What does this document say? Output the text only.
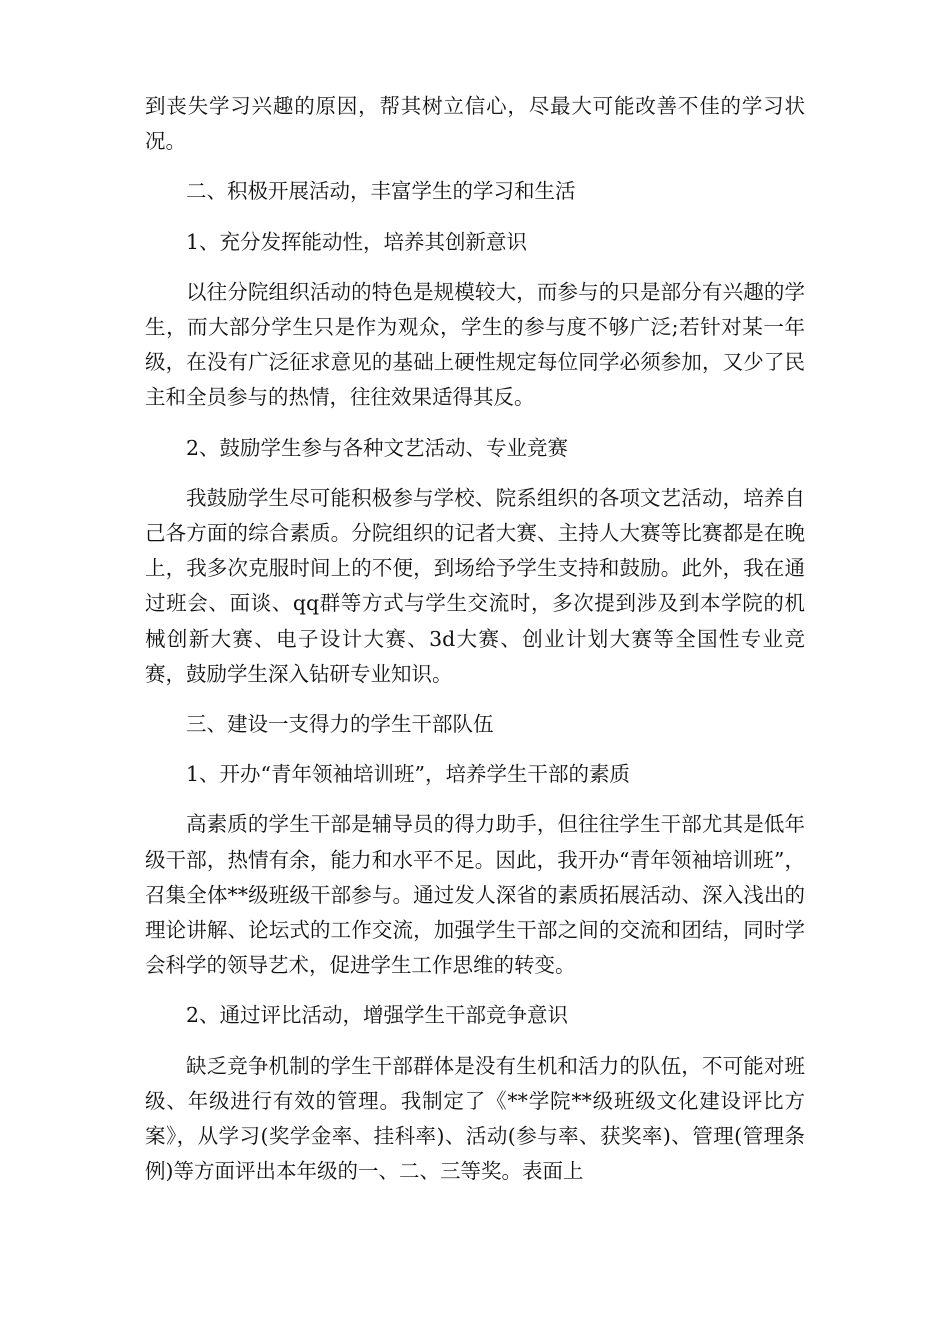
到丧失学习兴趣的原因，帮其树立信心，尽最大可能改善不佳的学习状况。

二、积极开展活动，丰富学生的学习和生活

1、充分发挥能动性，培养其创新意识

以往分院组织活动的特色是规模较大，而参与的只是部分有兴趣的学生，而大部分学生只是作为观众，学生的参与度不够广泛;若针对某一年级，在没有广泛征求意见的基础上硬性规定每位同学必须参加，又少了民主和全员参与的热情，往往效果适得其反。

2、鼓励学生参与各种文艺活动、专业竞赛

我鼓励学生尽可能积极参与学校、院系组织的各项文艺活动，培养自己各方面的综合素质。分院组织的记者大赛、主持人大赛等比赛都是在晚上，我多次克服时间上的不便，到场给予学生支持和鼓励。此外，我在通过班会、面谈、qq群等方式与学生交流时，多次提到涉及到本学院的机械创新大赛、电子设计大赛、3d大赛、创业计划大赛等全国性专业竞赛，鼓励学生深入钻研专业知识。

三、建设一支得力的学生干部队伍

1、开办“青年领袖培训班”，培养学生干部的素质

高素质的学生干部是辅导员的得力助手，但往往学生干部尤其是低年级干部，热情有余，能力和水平不足。因此，我开办“青年领袖培训班”，召集全体**级班级干部参与。通过发人深省的素质拓展活动、深入浅出的理论讲解、论坛式的工作交流，加强学生干部之间的交流和团结，同时学会科学的领导艺术，促进学生工作思维的转变。

2、通过评比活动，增强学生干部竞争意识

缺乏竞争机制的学生干部群体是没有生机和活力的队伍，不可能对班级、年级进行有效的管理。我制定了《**学院**级班级文化建设评比方案》，从学习(奖学金率、挂科率)、活动(参与率、获奖率)、管理(管理条例)等方面评出本年级的一、二、三等奖。表面上
